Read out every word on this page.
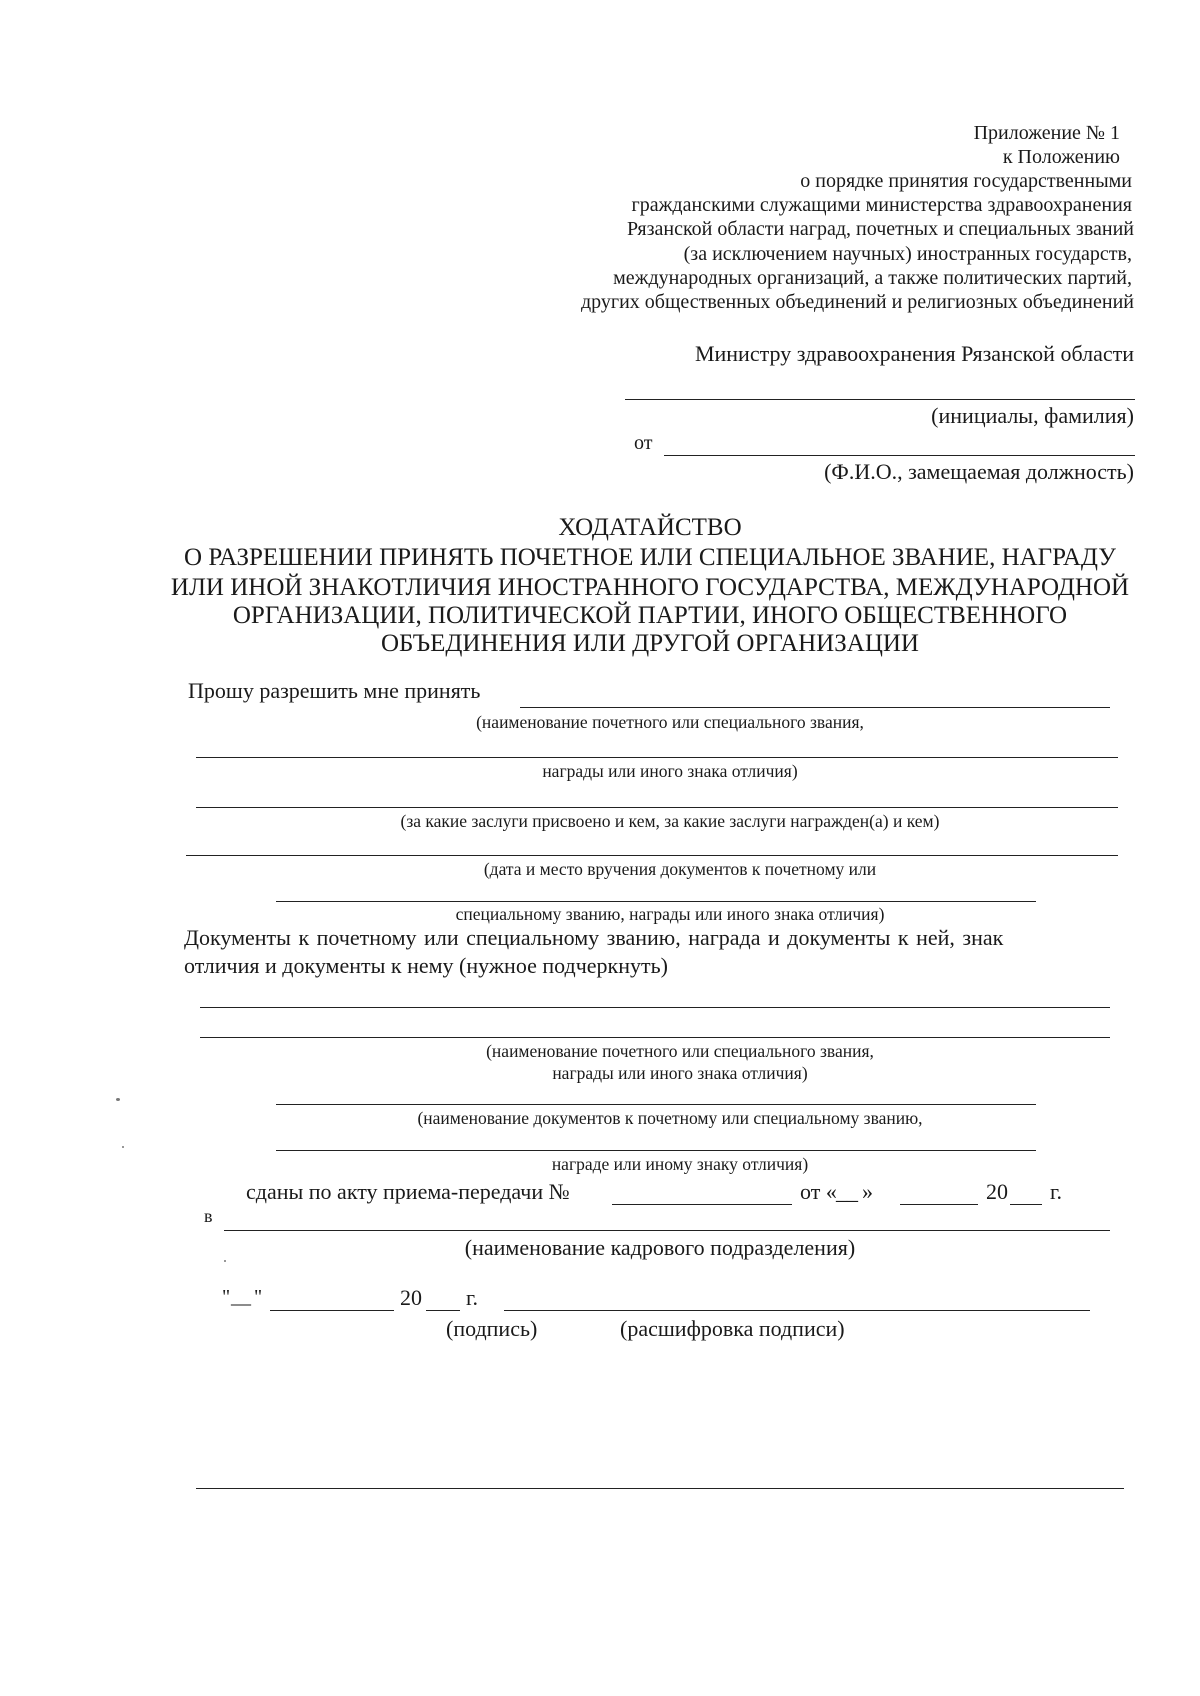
Приложение № 1
к Положению
о порядке принятия государственными
гражданскими служащими министерства здравоохранения
Рязанской области наград, почетных и специальных званий
(за исключением научных) иностранных государств,
международных организаций, а также политических партий,
других общественных объединений и религиозных объединений
Министру здравоохранения Рязанской области
(инициалы, фамилия)
от
(Ф.И.О., замещаемая должность)
ХОДАТАЙСТВО
О РАЗРЕШЕНИИ ПРИНЯТЬ ПОЧЕТНОЕ ИЛИ СПЕЦИАЛЬНОЕ ЗВАНИЕ, НАГРАДУ
ИЛИ ИНОЙ ЗНАКОТЛИЧИЯ ИНОСТРАННОГО ГОСУДАРСТВА, МЕЖДУНАРОДНОЙ
ОРГАНИЗАЦИИ, ПОЛИТИЧЕСКОЙ ПАРТИИ, ИНОГО ОБЩЕСТВЕННОГО
ОБЪЕДИНЕНИЯ ИЛИ ДРУГОЙ ОРГАНИЗАЦИИ
Прошу разрешить мне принять
(наименование почетного или специального звания,
награды или иного знака отличия)
(за какие заслуги присвоено и кем, за какие заслуги награжден(а) и кем)
(дата и место вручения документов к почетному или
специальному званию, награды или иного знака отличия)
Документы к почетному или специальному званию, награда и документы к ней, знак
отличия и документы к нему (нужное подчеркнуть)
(наименование почетного или специального звания,
награды или иного знака отличия)
(наименование документов к почетному или специальному званию,
награде или иному знаку отличия)
сданы по акту приема-передачи №	от « __ »	20 г.
в
(наименование кадрового подразделения)
" __ "	20 г.
(подпись)	(расшифровка подписи)
